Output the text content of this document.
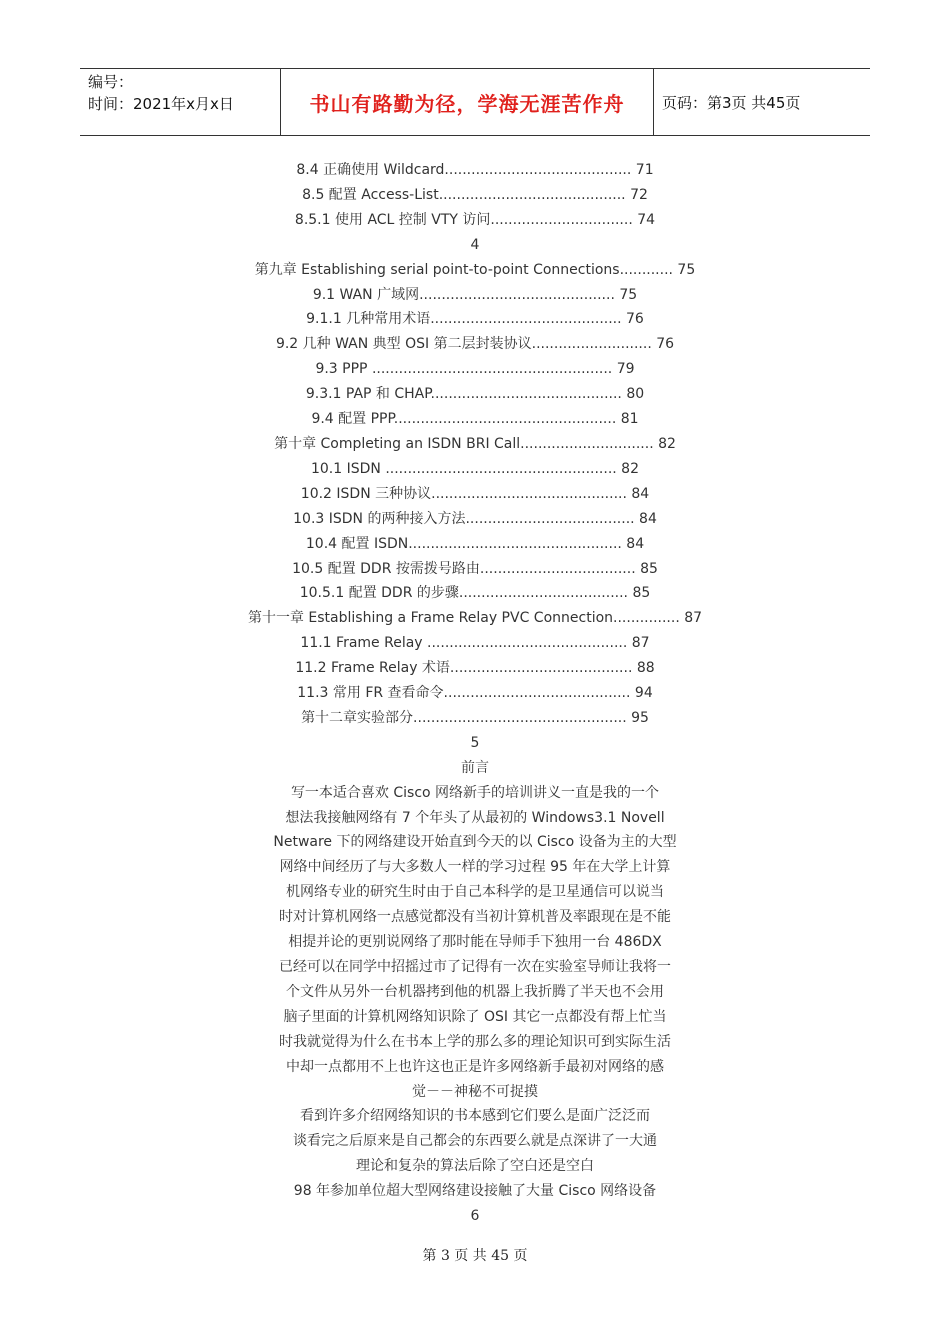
编号：
时间：2021年x月x日	书山有路勤为径，学海无涯苦作舟	页码：第3页 共45页
8.4 正确使用 Wildcard.......................................... 71
8.5 配置 Access-List.......................................... 72
8.5.1 使用 ACL 控制 VTY 访问................................ 74
4
第九章 Establishing serial point-to-point Connections............ 75
9.1 WAN 广域网............................................ 75
9.1.1 几种常用术语........................................... 76
9.2 几种 WAN 典型 OSI 第二层封装协议........................... 76
9.3 PPP ...................................................... 79
9.3.1 PAP 和 CHAP........................................... 80
9.4 配置 PPP.................................................. 81
第十章 Completing an ISDN BRI Call.............................. 82
10.1 ISDN .................................................... 82
10.2 ISDN 三种协议............................................ 84
10.3 ISDN 的两种接入方法...................................... 84
10.4 配置 ISDN................................................ 84
10.5 配置 DDR 按需拨号路由................................... 85
10.5.1 配置 DDR 的步骤...................................... 85
第十一章 Establishing a Frame Relay PVC Connection............... 87
11.1 Frame Relay ............................................. 87
11.2 Frame Relay 术语......................................... 88
11.3 常用 FR 查看命令.......................................... 94
第十二章实验部分................................................ 95
5
前言
写一本适合喜欢 Cisco 网络新手的培训讲义一直是我的一个
想法我接触网络有 7 个年头了从最初的 Windows3.1 Novell
Netware 下的网络建设开始直到今天的以 Cisco 设备为主的大型
网络中间经历了与大多数人一样的学习过程 95 年在大学上计算
机网络专业的研究生时由于自己本科学的是卫星通信可以说当
时对计算机网络一点感觉都没有当初计算机普及率跟现在是不能
相提并论的更别说网络了那时能在导师手下独用一台 486DX
已经可以在同学中招摇过市了记得有一次在实验室导师让我将一
个文件从另外一台机器拷到他的机器上我折腾了半天也不会用
脑子里面的计算机网络知识除了 OSI 其它一点都没有帮上忙当
时我就觉得为什么在书本上学的那么多的理论知识可到实际生活
中却一点都用不上也许这也正是许多网络新手最初对网络的感
觉－－神秘不可捉摸
看到许多介绍网络知识的书本感到它们要么是面广泛泛而
谈看完之后原来是自己都会的东西要么就是点深讲了一大通
理论和复杂的算法后除了空白还是空白
98 年参加单位超大型网络建设接触了大量 Cisco 网络设备
6
第 3 页 共 45 页
